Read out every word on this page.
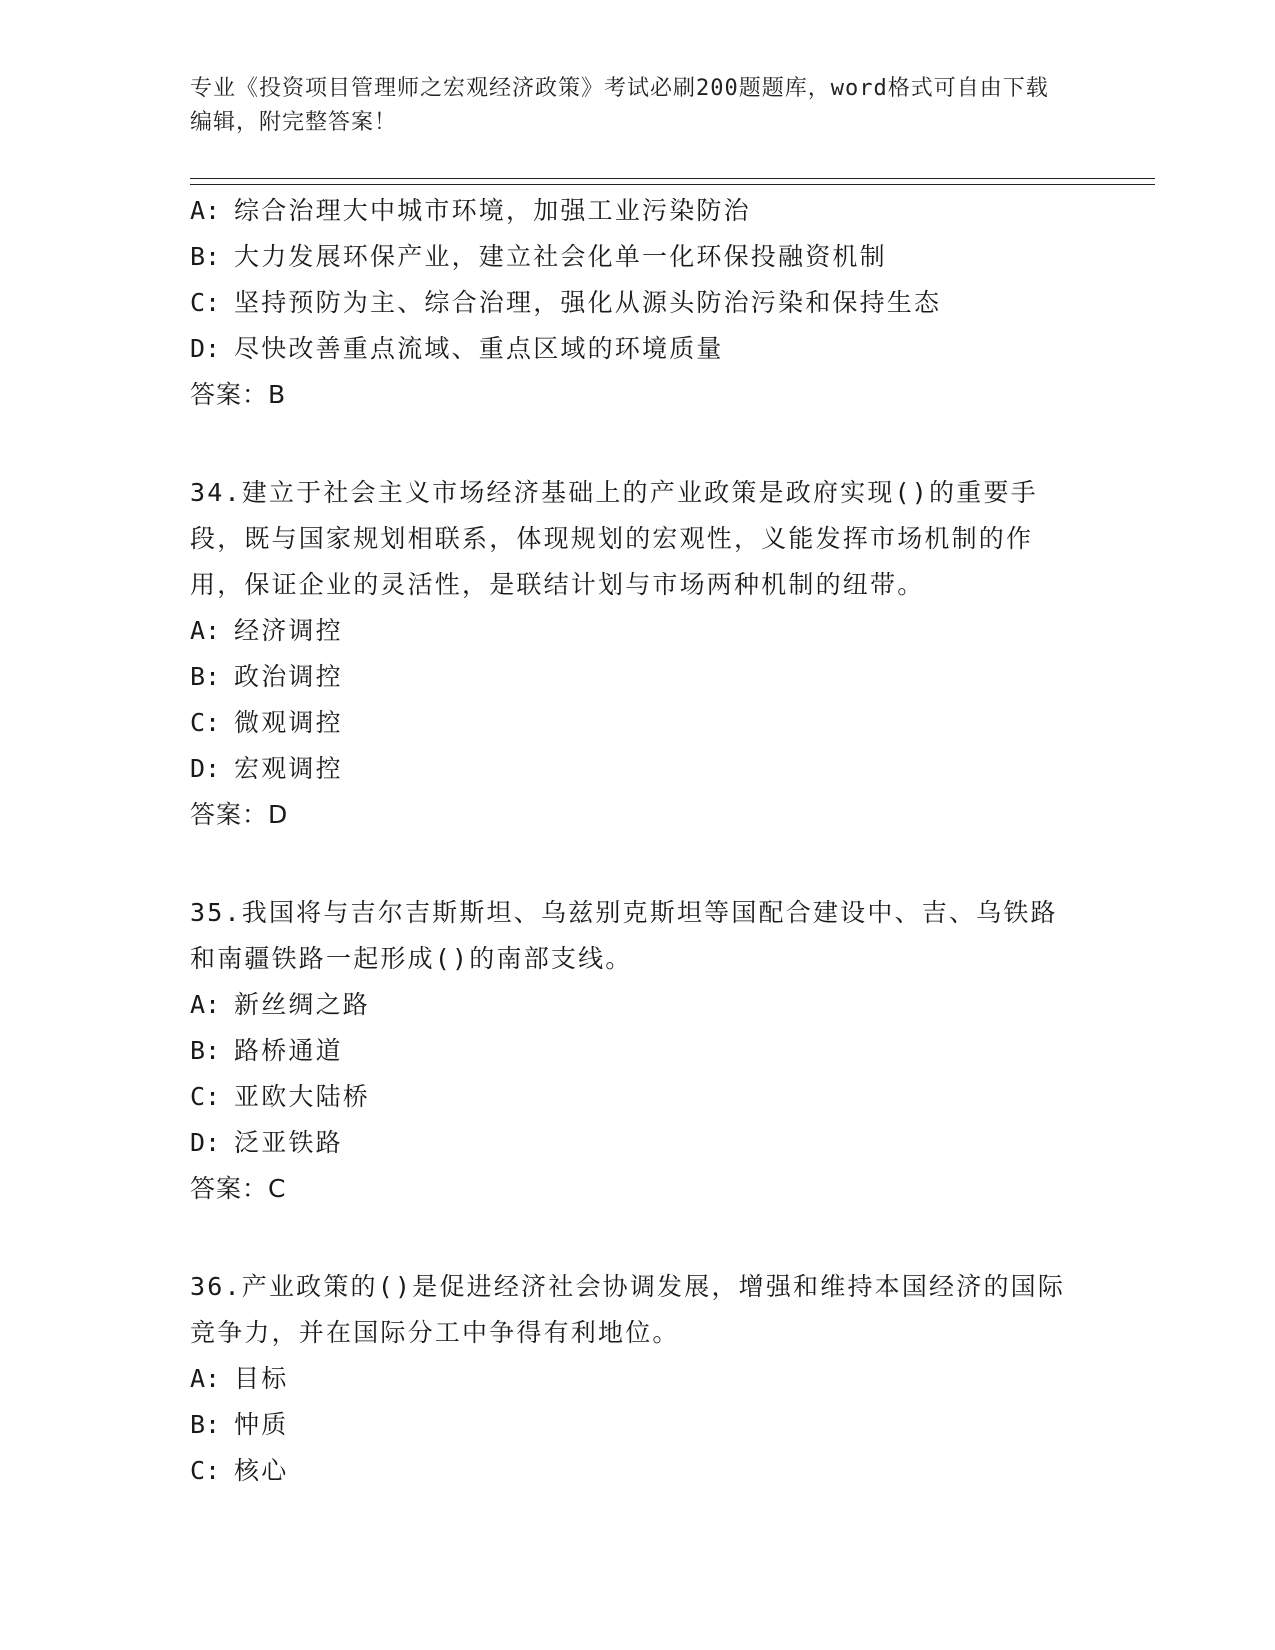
专业《投资项目管理师之宏观经济政策》考试必刷200题题库，word格式可自由下载编辑，附完整答案！

A: 综合治理大中城市环境，加强工业污染防治

B: 大力发展环保产业，建立社会化单一化环保投融资机制

C: 坚持预防为主、综合治理，强化从源头防治污染和保持生态

D: 尽快改善重点流域、重点区域的环境质量

答案：B

34.建立于社会主义市场经济基础上的产业政策是政府实现()的重要手段，既与国家规划相联系，体现规划的宏观性，义能发挥市场机制的作用，保证企业的灵活性，是联结计划与市场两种机制的纽带。

A: 经济调控

B: 政治调控

C: 微观调控

D: 宏观调控

答案：D

35.我国将与吉尔吉斯斯坦、乌兹别克斯坦等国配合建设中、吉、乌铁路和南疆铁路一起形成()的南部支线。

A: 新丝绸之路

B: 路桥通道

C: 亚欧大陆桥

D: 泛亚铁路

答案：C

36.产业政策的()是促进经济社会协调发展，增强和维持本国经济的国际竞争力，并在国际分工中争得有利地位。

A: 目标

B: 忡质

C: 核心
